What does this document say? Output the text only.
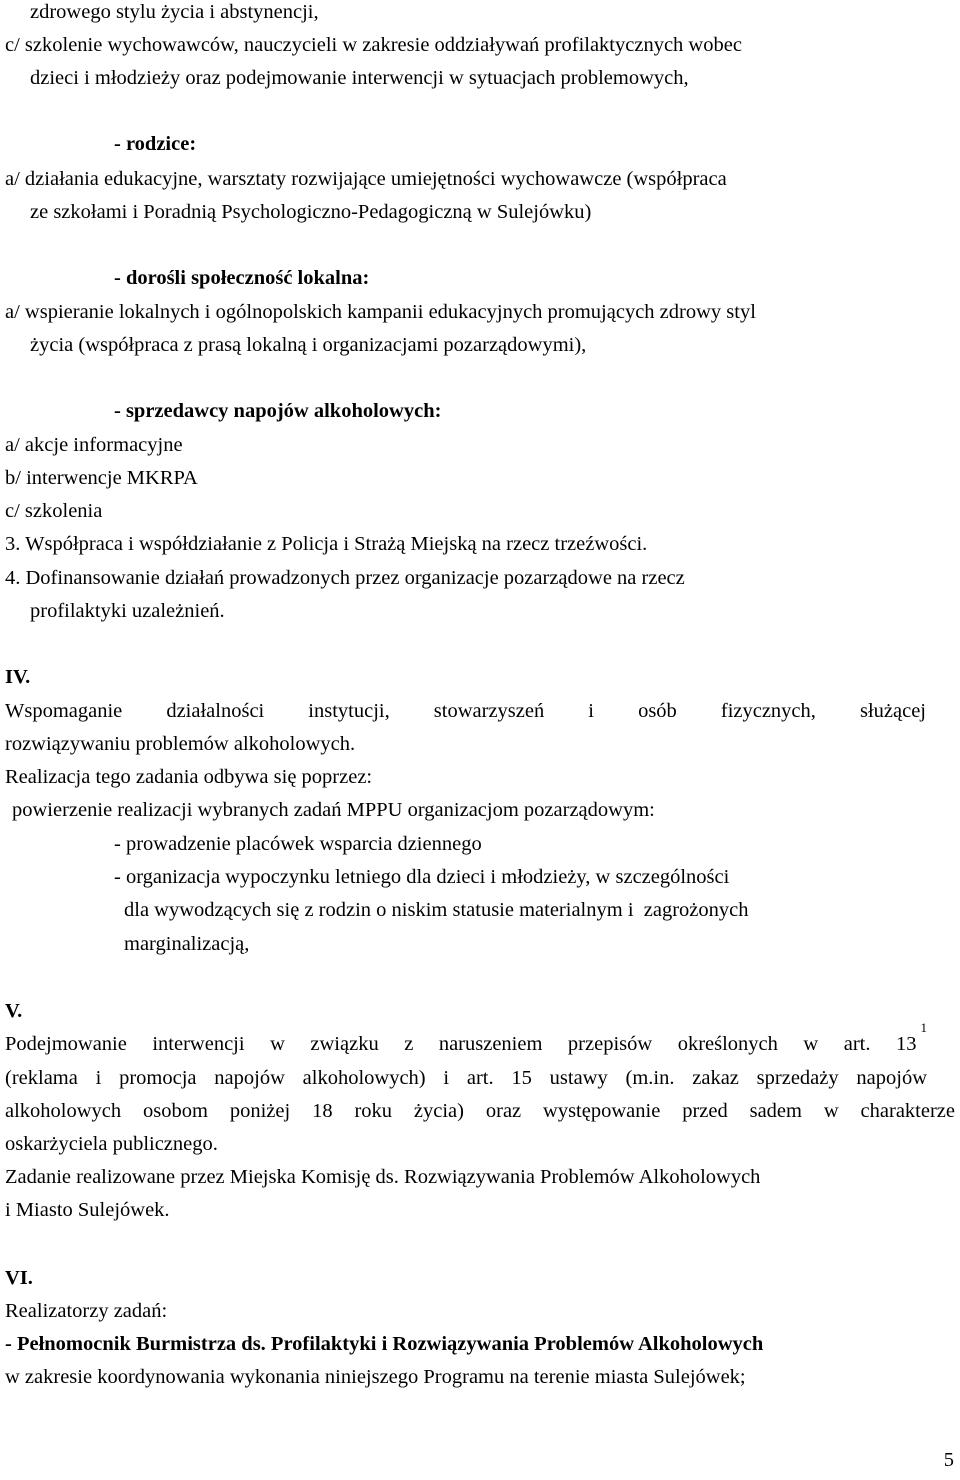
zdrowego stylu życia i abstynencji,

c/ szkolenie wychowawców, nauczycieli w zakresie oddziaływań profilaktycznych wobec

dzieci i młodzieży oraz podejmowanie interwencji w sytuacjach problemowych,

- rodzice:

a/ działania edukacyjne, warsztaty rozwijające umiejętności wychowawcze (współpraca

ze szkołami i Poradnią Psychologiczno-Pedagogiczną w Sulejówku)

- dorośli społeczność lokalna:

a/ wspieranie lokalnych i ogólnopolskich kampanii edukacyjnych promujących zdrowy styl

życia (współpraca z prasą lokalną i organizacjami pozarządowymi),

- sprzedawcy napojów alkoholowych:

a/ akcje informacyjne

b/ interwencje MKRPA

c/ szkolenia

3. Współpraca i współdziałanie z Policja i Strażą Miejską na rzecz trzeźwości.

4. Dofinansowanie działań prowadzonych przez organizacje pozarządowe na rzecz

profilaktyki uzależnień.

IV.

Wspomaganie działalności instytucji, stowarzyszeń i osób fizycznych, służącej

rozwiązywaniu problemów alkoholowych.

Realizacja tego zadania odbywa się poprzez:

powierzenie realizacji wybranych zadań MPPU organizacjom pozarządowym:

- prowadzenie placówek wsparcia dziennego

- organizacja wypoczynku letniego dla dzieci i młodzieży, w szczególności

dla wywodzących się z rodzin o niskim statusie materialnym i  zagrożonych

marginalizacją,

V.

Podejmowanie interwencji w związku z naruszeniem przepisów określonych w art. 13
1

(reklama i promocja napojów alkoholowych) i art. 15 ustawy (m.in. zakaz sprzedaży napojów

alkoholowych osobom poniżej 18 roku życia) oraz występowanie przed sadem w charakterze

oskarżyciela publicznego.

Zadanie realizowane przez Miejska Komisję ds. Rozwiązywania Problemów Alkoholowych

i Miasto Sulejówek.

VI.

Realizatorzy zadań:

- Pełnomocnik Burmistrza ds. Profilaktyki i Rozwiązywania Problemów Alkoholowych

w zakresie koordynowania wykonania niniejszego Programu na terenie miasta Sulejówek;

5
